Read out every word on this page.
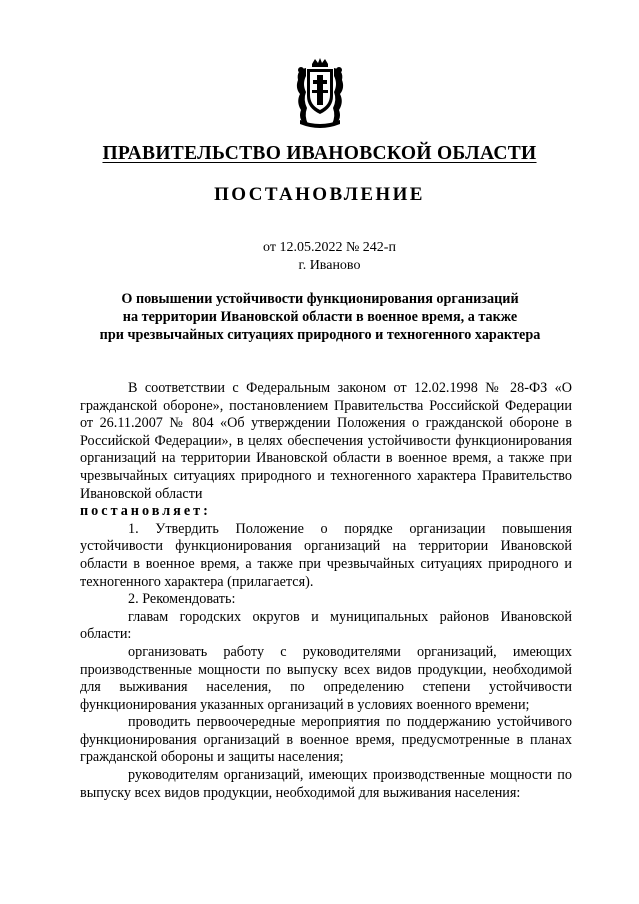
ПРАВИТЕЛЬСТВО ИВАНОВСКОЙ ОБЛАСТИ
ПОСТАНОВЛЕНИЕ
от 12.05.2022 № 242-п
г. Иваново
О повышении устойчивости функционирования организаций
на территории Ивановской области в военное время, а также
при чрезвычайных ситуациях природного и техногенного характера

В соответствии с Федеральным законом от 12.02.1998 № 28-ФЗ «О гражданской обороне», постановлением Правительства Российской Федерации от 26.11.2007 № 804 «Об утверждении Положения о гражданской обороне в Российской Федерации», в целях обеспечения устойчивости функционирования организаций на территории Ивановской области в военное время, а также при чрезвычайных ситуациях природного и техногенного характера Правительство Ивановской области

постановляет:

1. Утвердить Положение о порядке организации повышения устойчивости функционирования организаций на территории Ивановской области в военное время, а также при чрезвычайных ситуациях природного и техногенного характера (прилагается).

2. Рекомендовать:

главам городских округов и муниципальных районов Ивановской области:

организовать работу с руководителями организаций, имеющих производственные мощности по выпуску всех видов продукции, необходимой для выживания населения, по определению степени устойчивости функционирования указанных организаций в условиях военного времени;

проводить первоочередные мероприятия по поддержанию устойчивого функционирования организаций в военное время, предусмотренные в планах гражданской обороны и защиты населения;

руководителям организаций, имеющих производственные мощности по выпуску всех видов продукции, необходимой для выживания населения:
